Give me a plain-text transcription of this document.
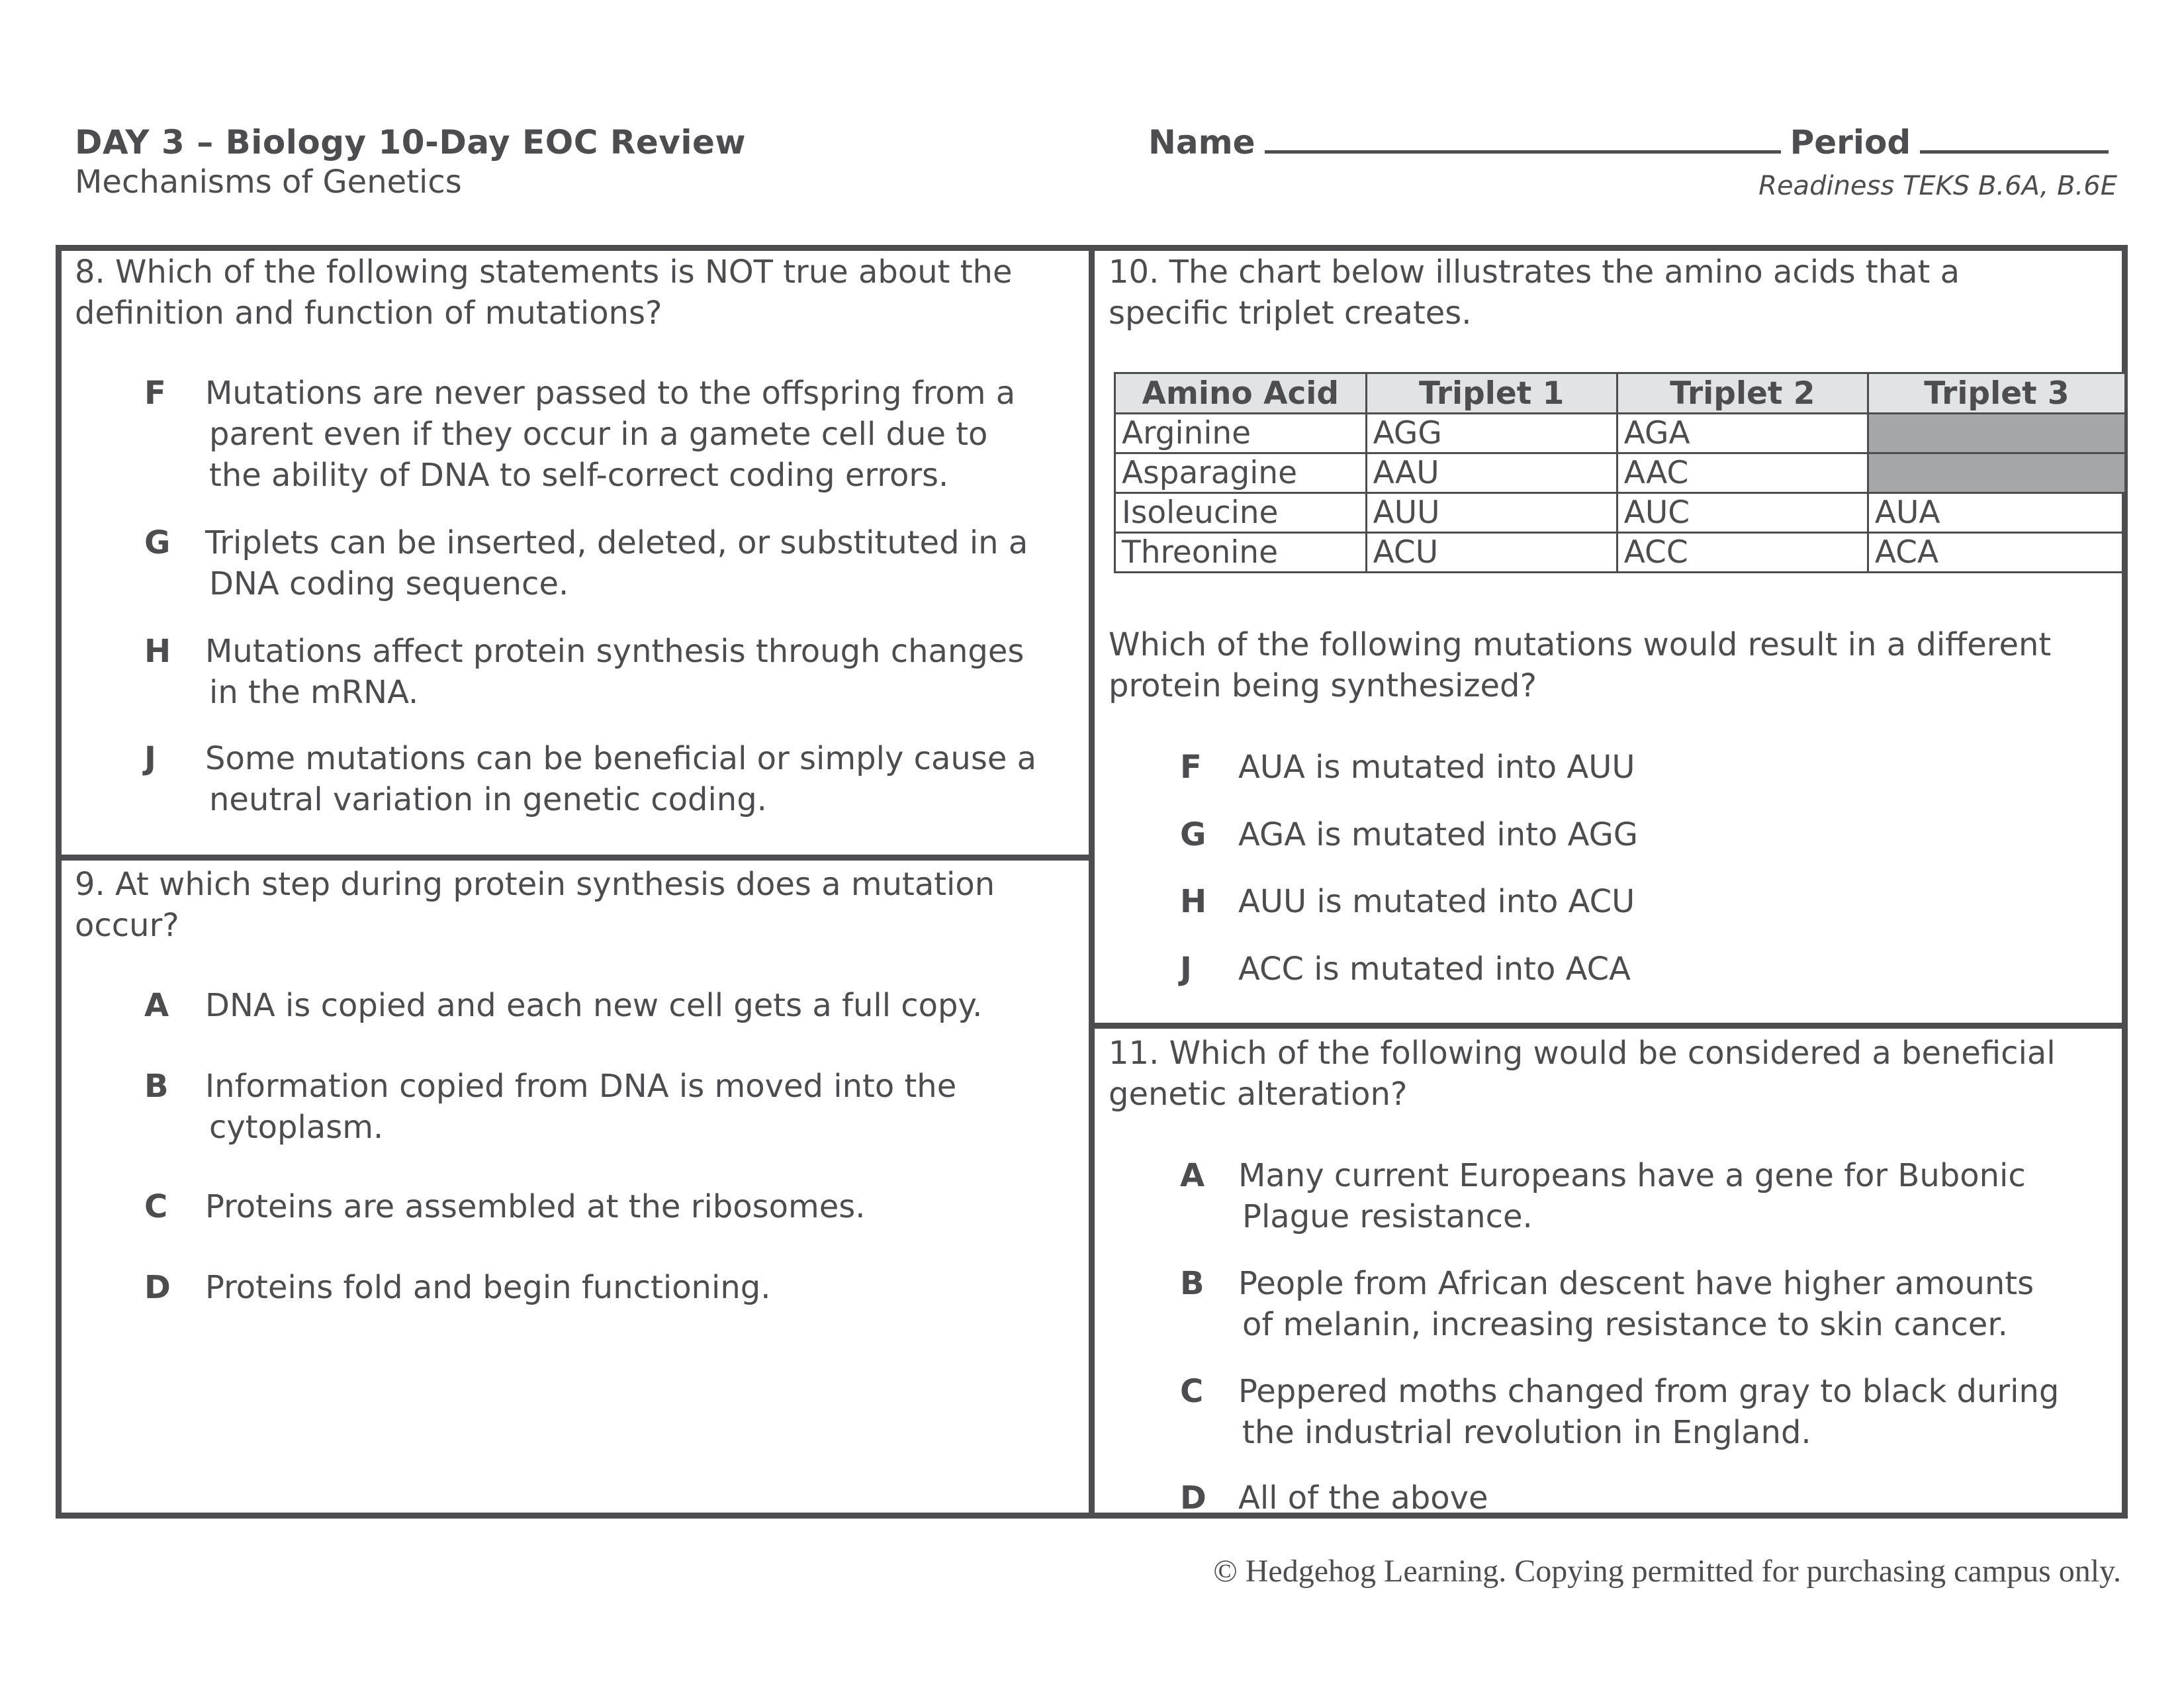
DAY 3 – Biology 10-Day EOC Review
Mechanisms of Genetics
Name	Period
Readiness TEKS B.6A, B.6E
8. Which of the following statements is NOT true about the
definition and function of mutations?
F Mutations are never passed to the offspring from a
parent even if they occur in a gamete cell due to
the ability of DNA to self-correct coding errors.
G Triplets can be inserted, deleted, or substituted in a
DNA coding sequence.
H Mutations affect protein synthesis through changes
in the mRNA.
J Some mutations can be beneficial or simply cause a
neutral variation in genetic coding.
9. At which step during protein synthesis does a mutation
occur?
A DNA is copied and each new cell gets a full copy.
B Information copied from DNA is moved into the
cytoplasm.
C Proteins are assembled at the ribosomes.
D Proteins fold and begin functioning.
10. The chart below illustrates the amino acids that a
specific triplet creates.
Amino Acid	Triplet 1	Triplet 2	Triplet 3
Arginine	AGG	AGA	
Asparagine	AAU	AAC	
Isoleucine	AUU	AUC	AUA
Threonine	ACU	ACC	ACA
Which of the following mutations would result in a different
protein being synthesized?
F AUA is mutated into AUU
G AGA is mutated into AGG
H AUU is mutated into ACU
J ACC is mutated into ACA
11. Which of the following would be considered a beneficial
genetic alteration?
A Many current Europeans have a gene for Bubonic
Plague resistance.
B People from African descent have higher amounts
of melanin, increasing resistance to skin cancer.
C Peppered moths changed from gray to black during
the industrial revolution in England.
D All of the above
© Hedgehog Learning. Copying permitted for purchasing campus only.
